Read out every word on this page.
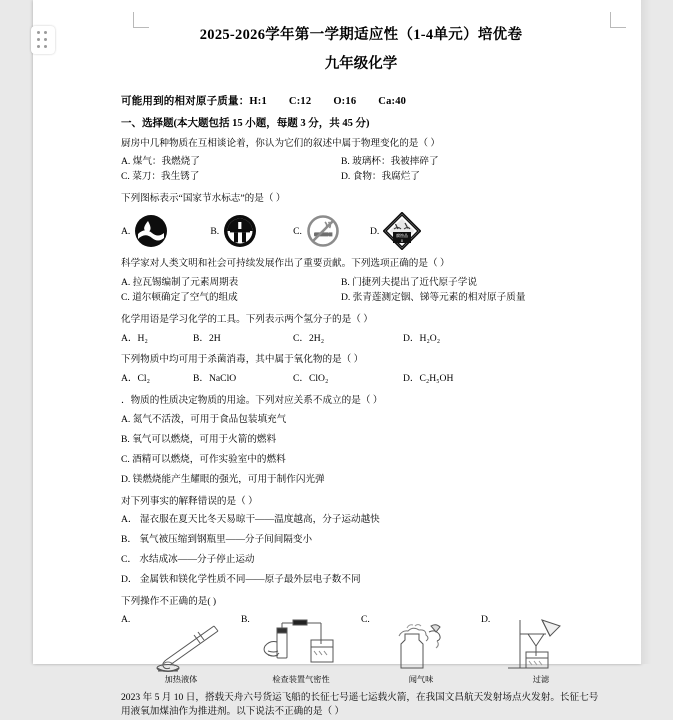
2025-2026学年第一学期适应性（1-4单元）培优卷
九年级化学
可能用到的相对原子质量：H:1 C:12 O:16 Ca:40
一、选择题(本大题包括 15 小题，每题 3 分，共 45 分)
厨房中几种物质在互相谈论着，你认为它们的叙述中属于物理变化的是（ ）
A. 煤气：我燃烧了	B. 玻璃杯：我被摔碎了
C. 菜刀：我生锈了	D. 食物：我腐烂了
下列图标表示“国家节水标志”的是（ ）
A.	B.	C.	D.	腐蚀品
8
科学家对人类文明和社会可持续发展作出了重要贡献。下列选项正确的是（ ）
A. 拉瓦锡编制了元素周期表	B. 门捷列夫提出了近代原子学说
C. 道尔顿确定了空气的组成	D. 张青莲测定铟、锑等元素的相对原子质量
化学用语是学习化学的工具。下列表示两个氢分子的是（ ）
A．H₂	B．2H	C．2H₂	D．H₂O₂
下列物质中均可用于杀菌消毒，其中属于氧化物的是（ ）
A．Cl₂	B．NaClO	C．ClO₂	D．C₂H₅OH
．物质的性质决定物质的用途。下列对应关系不成立的是（ ）
A. 氮气不活泼，可用于食品包装填充气
B. 氧气可以燃烧，可用于火箭的燃料
C. 酒精可以燃烧，可作实验室中的燃料
D. 镁燃烧能产生耀眼的强光，可用于制作闪光弹
对下列事实的解释错误的是（ ）
A． 湿衣服在夏天比冬天易晾干——温度越高，分子运动越快
B． 氧气被压缩到钢瓶里——分子间间隔变小
C． 水结成冰——分子停止运动
D． 金属铁和镁化学性质不同——原子最外层电子数不同
下列操作不正确的是( )
A.
加热液体
B.
检查装置气密性
C.
闻气味
D.
过滤
2023 年 5 月 10 日，搭载天舟六号货运飞船的长征七号遥七运载火箭，在我国文昌航天发射场点火发射。长征七号用液氧加煤油作为推进剂。以下说法不正确的是（ ）
